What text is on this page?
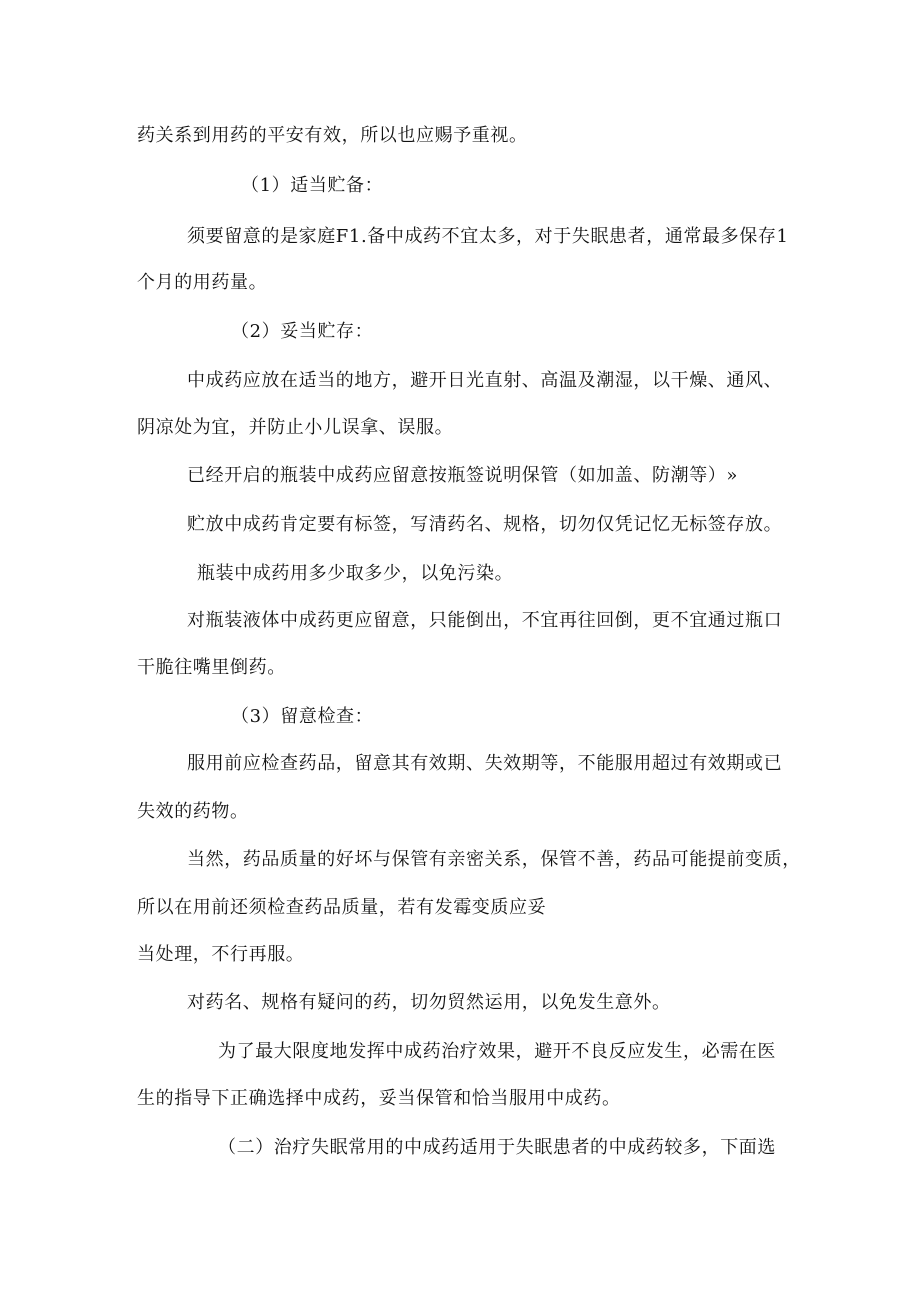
药关系到用药的平安有效，所以也应赐予重视。
（1）适当贮备：
须要留意的是家庭F1.备中成药不宜太多，对于失眠患者，通常最多保存1
个月的用药量。
（2）妥当贮存：
中成药应放在适当的地方，避开日光直射、高温及潮湿，以干燥、通风、
阴凉处为宜，并防止小儿误拿、误服。
已经开启的瓶装中成药应留意按瓶签说明保管（如加盖、防潮等）»
贮放中成药肯定要有标签，写清药名、规格，切勿仅凭记忆无标签存放。
瓶装中成药用多少取多少，以免污染。
对瓶装液体中成药更应留意，只能倒出，不宜再往回倒，更不宜通过瓶口
干脆往嘴里倒药。
（3）留意检查：
服用前应检查药品，留意其有效期、失效期等，不能服用超过有效期或已
失效的药物。
当然，药品质量的好坏与保管有亲密关系，保管不善，药品可能提前变质，
所以在用前还须检查药品质量，若有发霉变质应妥
当处理，不行再服。
对药名、规格有疑问的药，切勿贸然运用，以免发生意外。
为了最大限度地发挥中成药治疗效果，避开不良反应发生，必需在医
生的指导下正确选择中成药，妥当保管和恰当服用中成药。
（二）治疗失眠常用的中成药适用于失眠患者的中成药较多，下面选
